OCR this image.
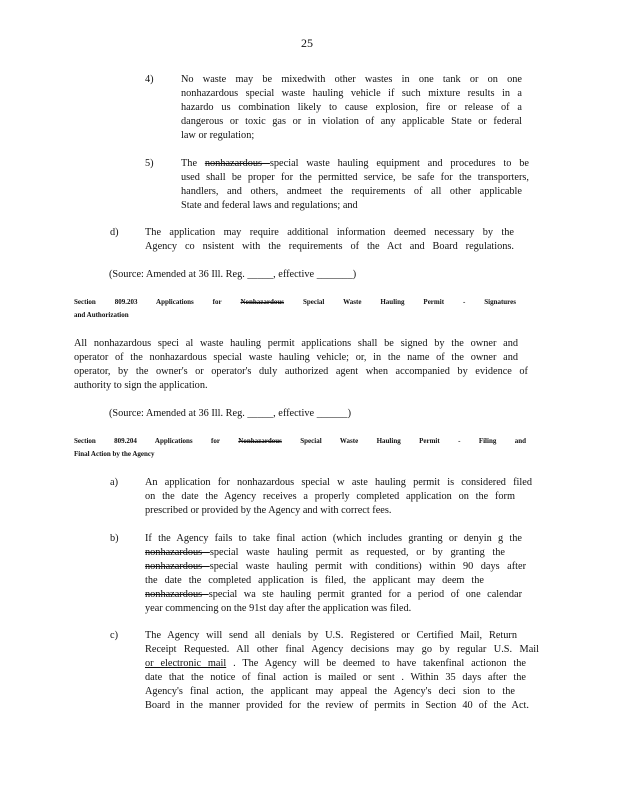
25
4)	No waste may be mixedwith other wastes in one tank or on one
nonhazardous special waste hauling vehicle if such mixture results in a
hazardo us combination likely to cause explosion, fire or release of a
dangerous or toxic gas or in violation of any applicable State or federal
law or regulation;
5)	The nonhazardous special waste hauling equipment and procedures to be
used shall be proper for the permitted service, be safe for the transporters,
handlers, and others, andmeet the requirements of all other applicable
State and federal laws and regulations; and
d)	The application may require additional information deemed necessary by the
Agency co nsistent with the requirements of the Act and Board regulations.
(Source: Amended at 36 Ill. Reg. _____, effective _______)
Section 809.203 Applications for	Nonhazardous	Special Waste Hauling Permit - Signatures
and Authorization
All nonhazardous speci al waste hauling permit applications shall be signed by the owner and
operator of the nonhazardous special waste hauling vehicle; or, in the name of the owner and
operator, by the owner's or operator's duly authorized agent when accompanied by evidence of
authority to sign the application.
(Source: Amended at 36 Ill. Reg. _____, effective ______)
Section 809.204 Applications for	Nonhazardous	Special Waste Hauling Permit - Filing and
Final Action by the Agency
a)	An application for nonhazardous special w aste hauling permit is considered filed
on the date the Agency receives a properly completed application on the form
prescribed or provided by the Agency and with correct fees.
b)	If the Agency fails to take final action (which includes granting or denyin g the
nonhazardous special waste hauling permit as requested, or by granting the
nonhazardous special waste hauling permit with conditions) within 90 days after
the date the completed application is filed, the applicant may deem the
nonhazardous special wa ste hauling permit granted for a period of one calendar
year commencing on the 91st day after the application was filed.
c)	The Agency will send all denials by U.S. Registered or Certified Mail, Return
Receipt Requested. All other final Agency decisions may go by regular U.S. Mail
or electronic mail . The Agency will be deemed to have takenfinal actionon the
date that the notice of final action is mailed or sent . Within 35 days after the
Agency's final action, the applicant may appeal the Agency's deci sion to the
Board in the manner provided for the review of permits in Section 40 of the Act.
